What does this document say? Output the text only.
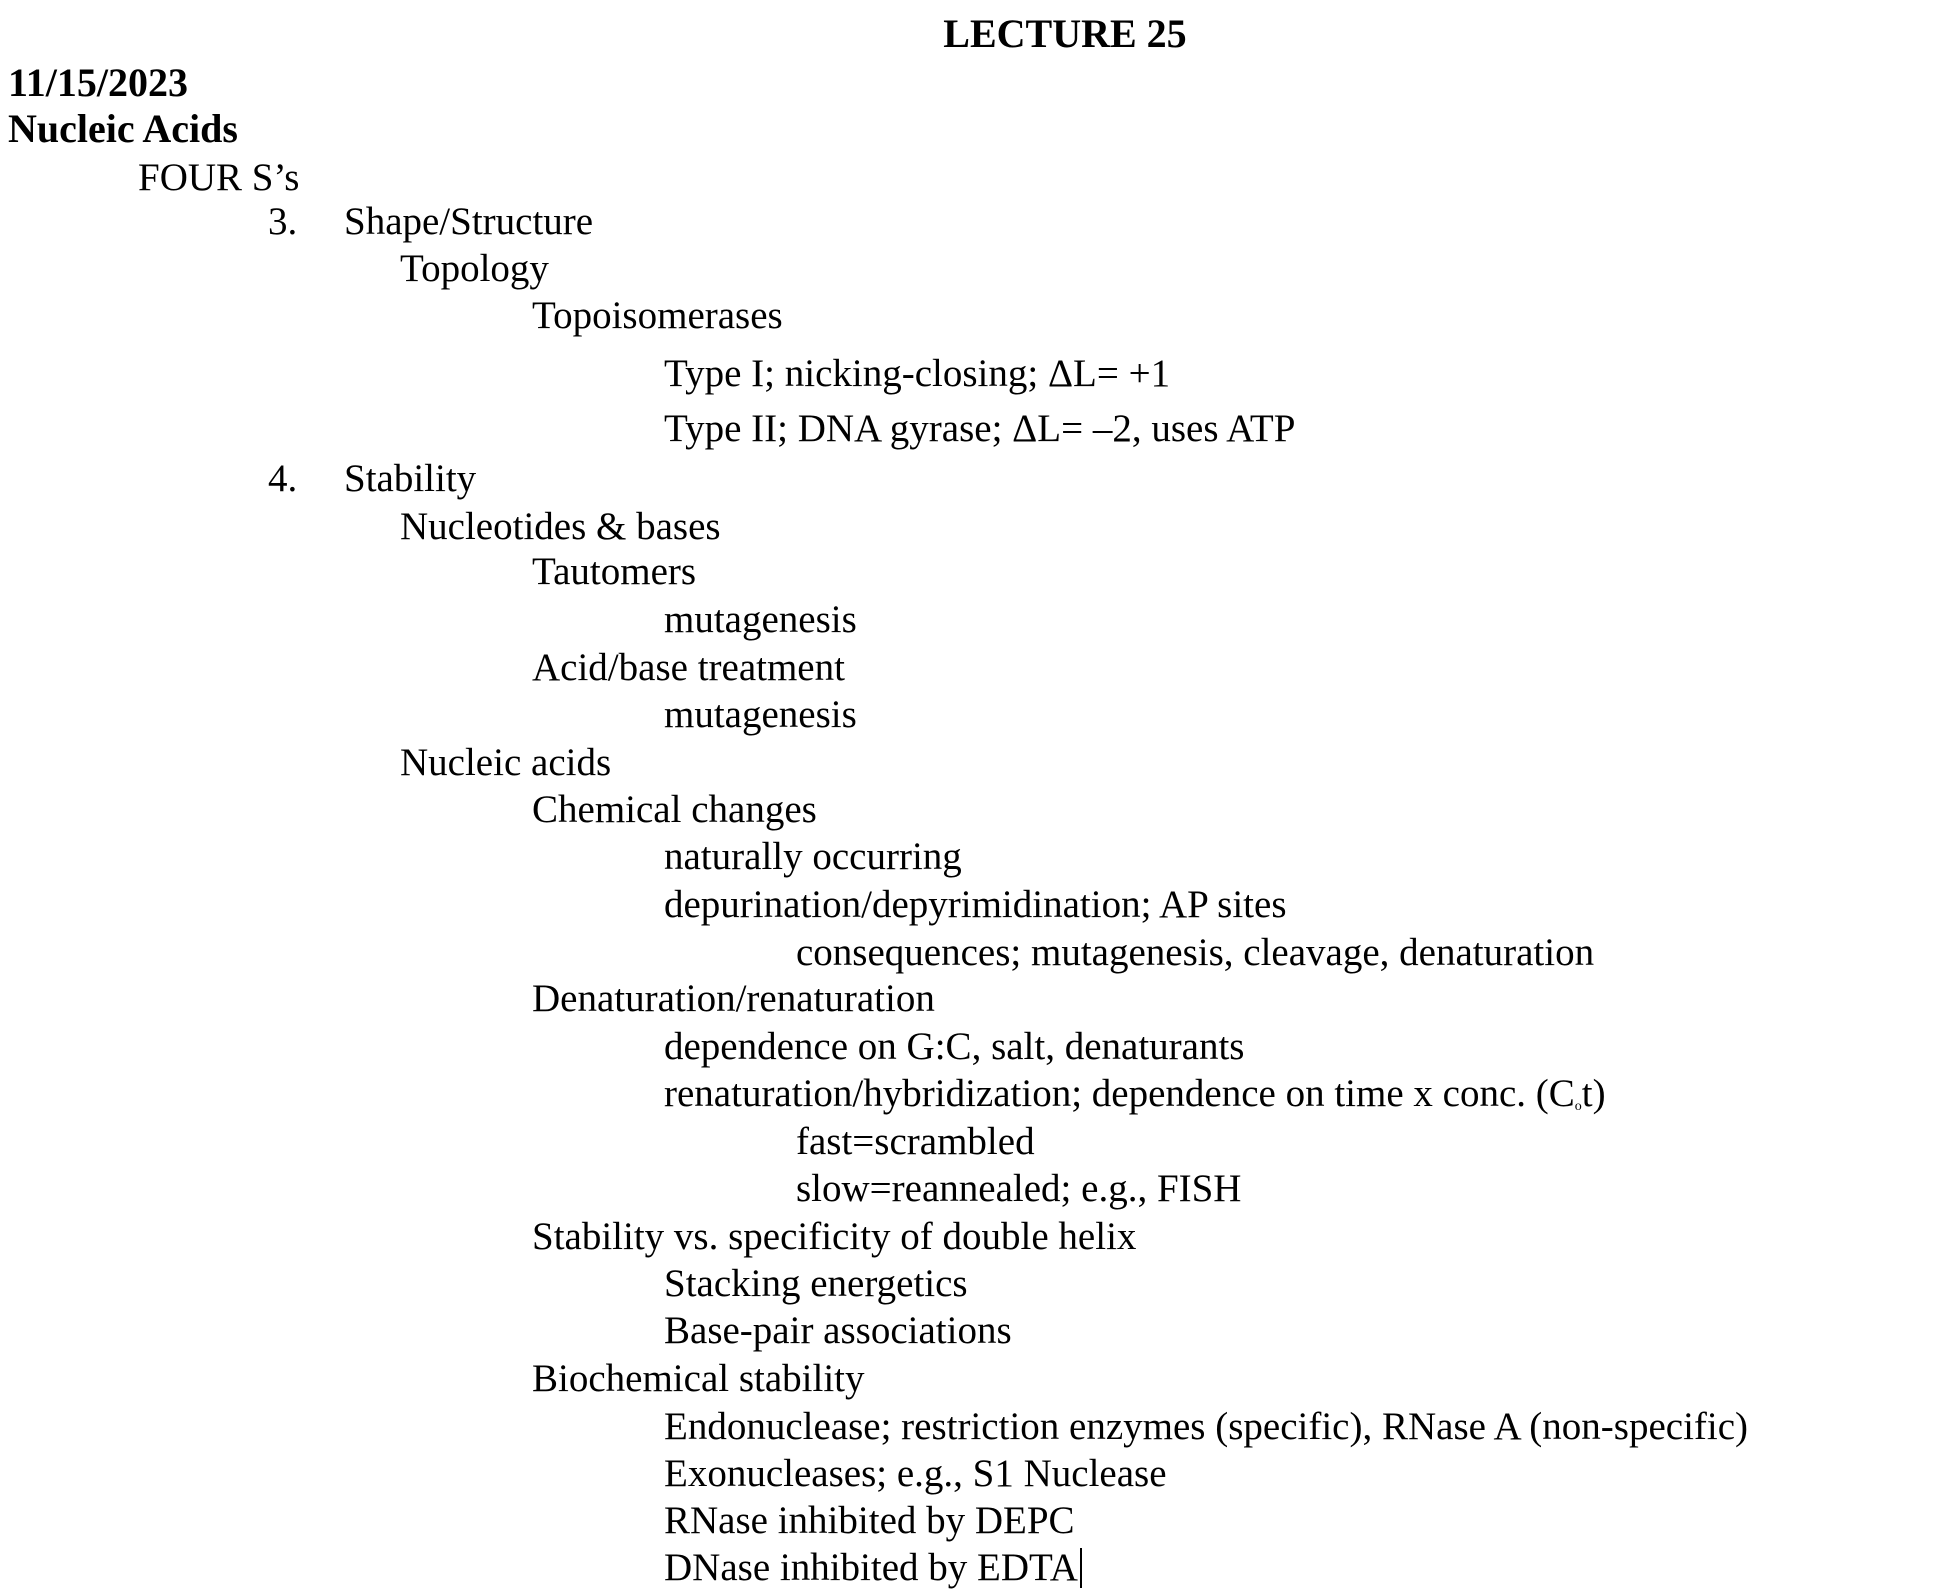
LECTURE 25
11/15/2023
Nucleic Acids
FOUR S’s
3. Shape/Structure
Topology
Topoisomerases
Type I; nicking-closing; ΔL= +1
Type II; DNA gyrase; ΔL= –2, uses ATP
4. Stability
Nucleotides & bases
Tautomers
mutagenesis
Acid/base treatment
mutagenesis
Nucleic acids
Chemical changes
naturally occurring
depurination/depyrimidination; AP sites
consequences; mutagenesis, cleavage, denaturation
Denaturation/renaturation
dependence on G:C, salt, denaturants
renaturation/hybridization; dependence on time x conc. $(C_ot)$
fast=scrambled
slow=reannealed; e.g., FISH
Stability vs. specificity of double helix
Stacking energetics
Base-pair associations
Biochemical stability
Endonuclease; restriction enzymes (specific), RNase A (non-specific)
Exonucleases; e.g., S1 Nuclease
RNase inhibited by DEPC
DNase inhibited by EDTA
